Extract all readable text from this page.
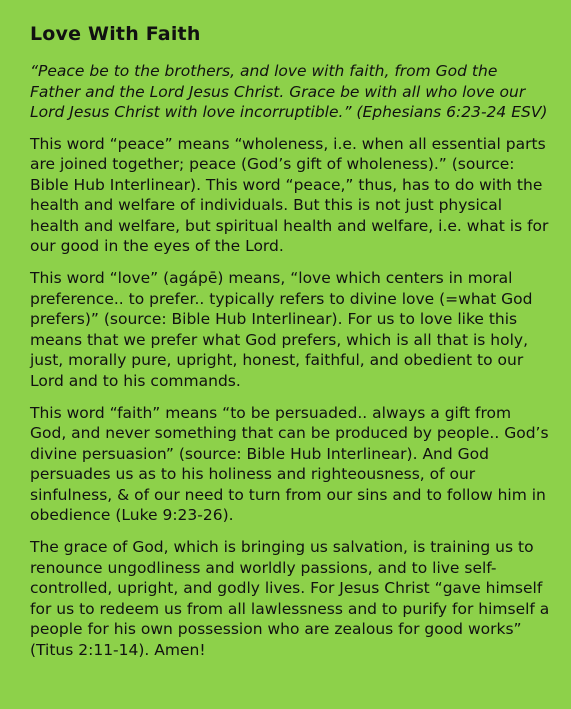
Love With Faith

“Peace be to the brothers, and love with faith, from God the Father and the Lord Jesus Christ. Grace be with all who love our Lord Jesus Christ with love incorruptible.” (Ephesians 6:23-24 ESV)

This word “peace” means “wholeness, i.e. when all essential parts are joined together; peace (God’s gift of wholeness).” (source: Bible Hub Interlinear). This word “peace,” thus, has to do with the health and welfare of individuals. But this is not just physical health and welfare, but spiritual health and welfare, i.e. what is for our good in the eyes of the Lord.

This word “love” (agápē) means, “love which centers in moral preference.. to prefer.. typically refers to divine love (=what God prefers)” (source: Bible Hub Interlinear). For us to love like this means that we prefer what God prefers, which is all that is holy, just, morally pure, upright, honest, faithful, and obedient to our Lord and to his commands.

This word “faith” means “to be persuaded.. always a gift from God, and never something that can be produced by people.. God’s divine persuasion” (source: Bible Hub Interlinear). And God persuades us as to his holiness and righteousness, of our sinfulness, & of our need to turn from our sins and to follow him in obedience (Luke 9:23-26).

The grace of God, which is bringing us salvation, is training us to renounce ungodliness and worldly passions, and to live self-controlled, upright, and godly lives. For Jesus Christ “gave himself for us to redeem us from all lawlessness and to purify for himself a people for his own possession who are zealous for good works” (Titus 2:11-14). Amen!
